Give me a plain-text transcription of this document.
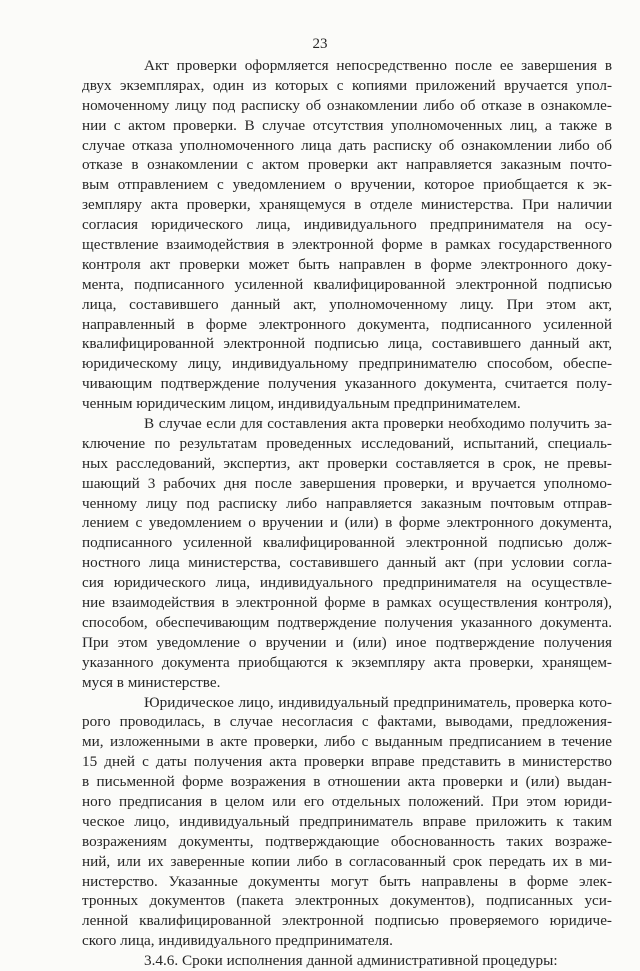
23
Акт проверки оформляется непосредственно после ее завершения в
двух экземплярах, один из которых с копиями приложений вручается упол-
номоченному лицу под расписку об ознакомлении либо об отказе в ознакомле-
нии с актом проверки. В случае отсутствия уполномоченных лиц, а также в
случае отказа уполномоченного лица дать расписку об ознакомлении либо об
отказе в ознакомлении с актом проверки акт направляется заказным почто-
вым отправлением с уведомлением о вручении, которое приобщается к эк-
земпляру акта проверки, хранящемуся в отделе министерства. При наличии
согласия юридического лица, индивидуального предпринимателя на осу-
ществление взаимодействия в электронной форме в рамках государственного
контроля акт проверки может быть направлен в форме электронного доку-
мента, подписанного усиленной квалифицированной электронной подписью
лица, составившего данный акт, уполномоченному лицу. При этом акт,
направленный в форме электронного документа, подписанного усиленной
квалифицированной электронной подписью лица, составившего данный акт,
юридическому лицу, индивидуальному предпринимателю способом, обеспе-
чивающим подтверждение получения указанного документа, считается полу-
ченным юридическим лицом, индивидуальным предпринимателем.
В случае если для составления акта проверки необходимо получить за-
ключение по результатам проведенных исследований, испытаний, специаль-
ных расследований, экспертиз, акт проверки составляется в срок, не превы-
шающий 3 рабочих дня после завершения проверки, и вручается уполномо-
ченному лицу под расписку либо направляется заказным почтовым отправ-
лением с уведомлением о вручении и (или) в форме электронного документа,
подписанного усиленной квалифицированной электронной подписью долж-
ностного лица министерства, составившего данный акт (при условии согла-
сия юридического лица, индивидуального предпринимателя на осуществле-
ние взаимодействия в электронной форме в рамках осуществления контроля),
способом, обеспечивающим подтверждение получения указанного документа.
При этом уведомление о вручении и (или) иное подтверждение получения
указанного документа приобщаются к экземпляру акта проверки, хранящем-
муся в министерстве.
Юридическое лицо, индивидуальный предприниматель, проверка кото-
рого проводилась, в случае несогласия с фактами, выводами, предложения-
ми, изложенными в акте проверки, либо с выданным предписанием в течение
15 дней с даты получения акта проверки вправе представить в министерство
в письменной форме возражения в отношении акта проверки и (или) выдан-
ного предписания в целом или его отдельных положений. При этом юриди-
ческое лицо, индивидуальный предприниматель вправе приложить к таким
возражениям документы, подтверждающие обоснованность таких возраже-
ний, или их заверенные копии либо в согласованный срок передать их в ми-
нистерство. Указанные документы могут быть направлены в форме элек-
тронных документов (пакета электронных документов), подписанных уси-
ленной квалифицированной электронной подписью проверяемого юридиче-
ского лица, индивидуального предпринимателя.
3.4.6. Сроки исполнения данной административной процедуры:
